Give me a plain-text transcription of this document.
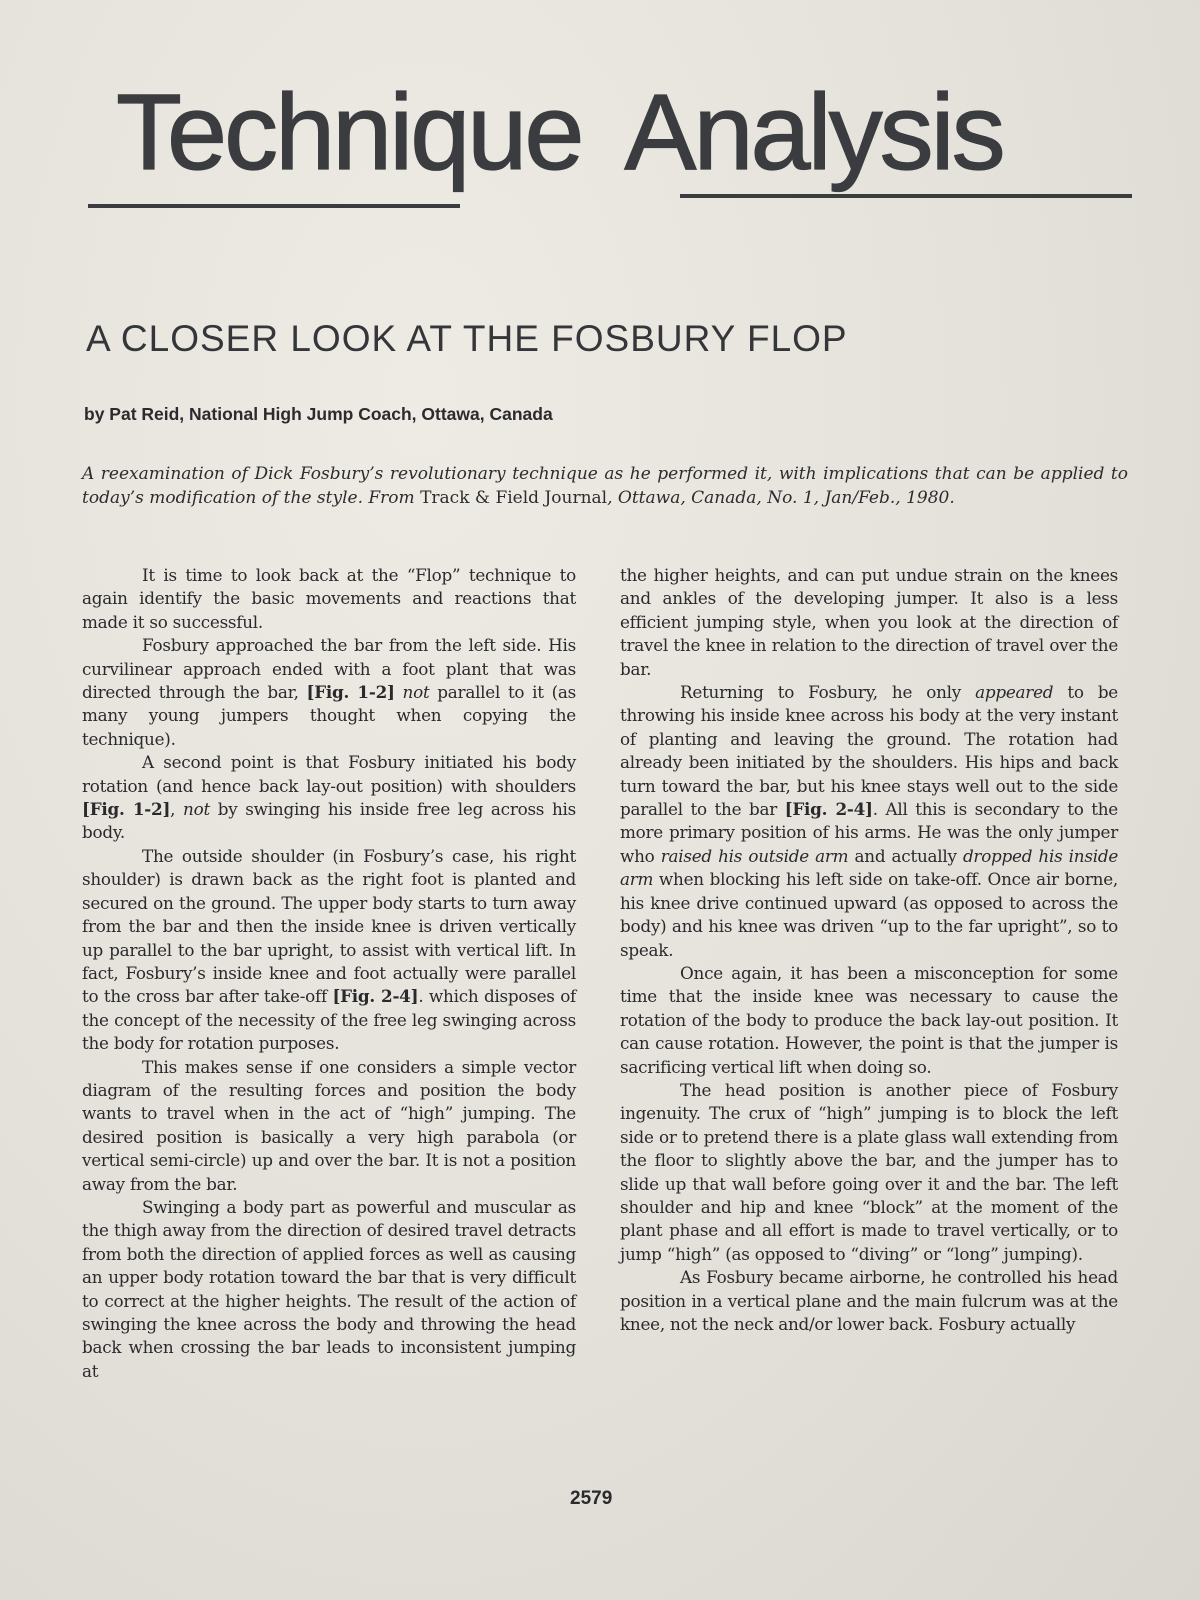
Technique Analysis
A CLOSER LOOK AT THE FOSBURY FLOP

by Pat Reid, National High Jump Coach, Ottawa, Canada

A reexamination of Dick Fosbury’s revolutionary technique as he performed it, with implications that can be applied to today’s modification of the style. From Track & Field Journal, Ottawa, Canada, No. 1, Jan/Feb., 1980.

It is time to look back at the “Flop” technique to again identify the basic movements and reactions that made it so successful.

Fosbury approached the bar from the left side. His curvilinear approach ended with a foot plant that was directed through the bar, [Fig. 1-2] not parallel to it (as many young jumpers thought when copying the technique).

A second point is that Fosbury initiated his body rotation (and hence back lay-out position) with shoulders [Fig. 1-2], not by swinging his inside free leg across his body.

The outside shoulder (in Fosbury’s case, his right shoulder) is drawn back as the right foot is planted and secured on the ground. The upper body starts to turn away from the bar and then the inside knee is driven vertically up parallel to the bar upright, to assist with vertical lift. In fact, Fosbury’s inside knee and foot actually were parallel to the cross bar after take-off [Fig. 2-4]. which disposes of the concept of the necessity of the free leg swinging across the body for rotation purposes.

This makes sense if one considers a simple vector diagram of the resulting forces and position the body wants to travel when in the act of “high” jumping. The desired position is basically a very high parabola (or vertical semi-circle) up and over the bar. It is not a position away from the bar.

Swinging a body part as powerful and muscular as the thigh away from the direction of desired travel detracts from both the direction of applied forces as well as causing an upper body rotation toward the bar that is very difficult to correct at the higher heights. The result of the action of swinging the knee across the body and throwing the head back when crossing the bar leads to inconsistent jumping at

the higher heights, and can put undue strain on the knees and ankles of the developing jumper. It also is a less efficient jumping style, when you look at the direction of travel the knee in relation to the direction of travel over the bar.

Returning to Fosbury, he only appeared to be throwing his inside knee across his body at the very instant of planting and leaving the ground. The rotation had already been initiated by the shoulders. His hips and back turn toward the bar, but his knee stays well out to the side parallel to the bar [Fig. 2-4]. All this is secondary to the more primary position of his arms. He was the only jumper who raised his outside arm and actually dropped his inside arm when blocking his left side on take-off. Once air borne, his knee drive continued upward (as opposed to across the body) and his knee was driven “up to the far upright”, so to speak.

Once again, it has been a misconception for some time that the inside knee was necessary to cause the rotation of the body to produce the back lay-out position. It can cause rotation. However, the point is that the jumper is sacrificing vertical lift when doing so.

The head position is another piece of Fosbury ingenuity. The crux of “high” jumping is to block the left side or to pretend there is a plate glass wall extending from the floor to slightly above the bar, and the jumper has to slide up that wall before going over it and the bar. The left shoulder and hip and knee “block” at the moment of the plant phase and all effort is made to travel vertically, or to jump “high” (as opposed to “diving” or “long” jumping).

As Fosbury became airborne, he controlled his head position in a vertical plane and the main fulcrum was at the knee, not the neck and/or lower back. Fosbury actually

2579
